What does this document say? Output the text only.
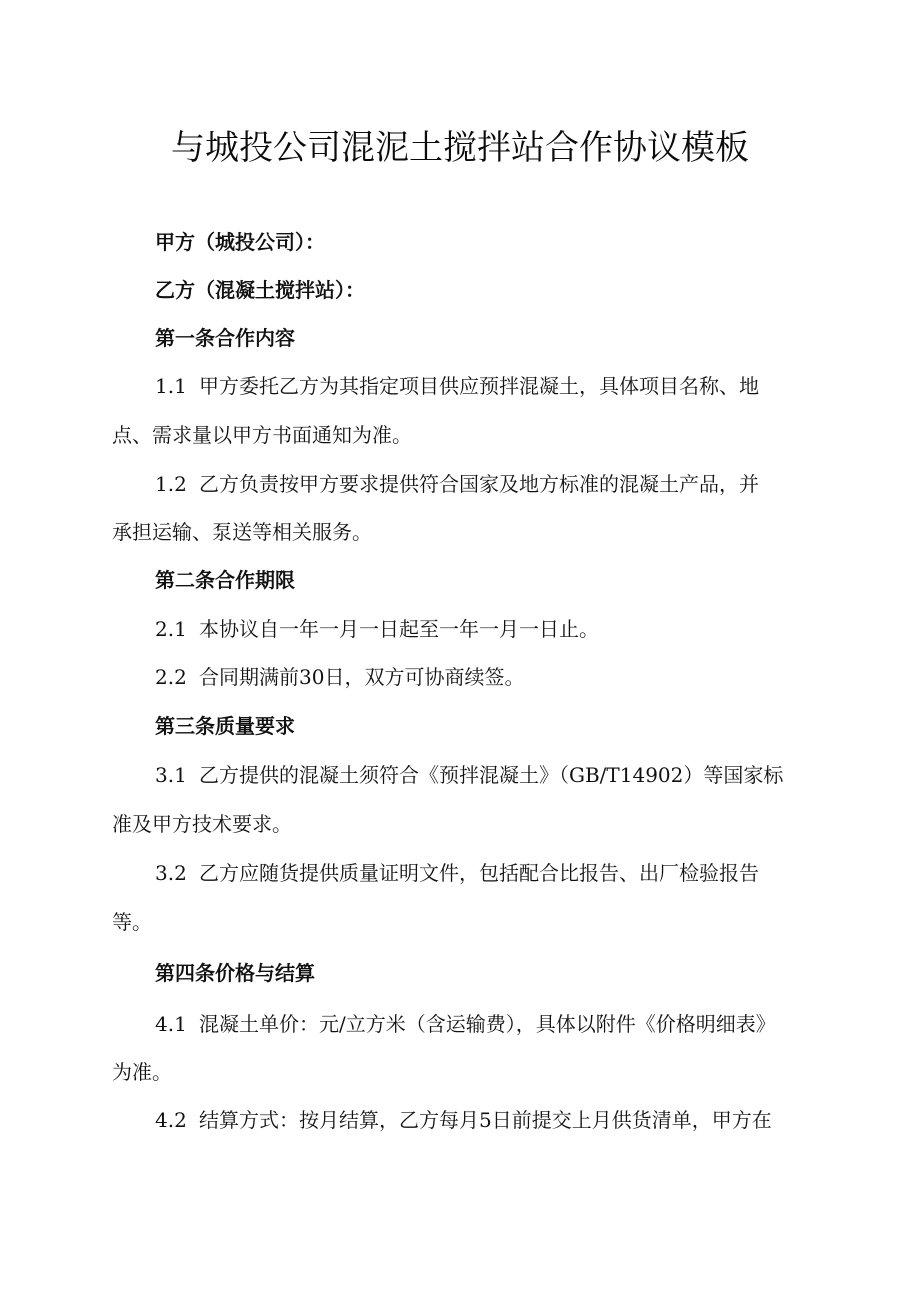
与城投公司混泥土搅拌站合作协议模板

甲方（城投公司）：

乙方（混凝土搅拌站）：

第一条合作内容

1.1 甲方委托乙方为其指定项目供应预拌混凝土，具体项目名称、地

点、需求量以甲方书面通知为准。

1.2 乙方负责按甲方要求提供符合国家及地方标准的混凝土产品，并

承担运输、泵送等相关服务。

第二条合作期限

2.1 本协议自一年一月一日起至一年一月一日止。

2.2 合同期满前30日，双方可协商续签。

第三条质量要求

3.1 乙方提供的混凝土须符合《预拌混凝土》（GB/T14902）等国家标

准及甲方技术要求。

3.2 乙方应随货提供质量证明文件，包括配合比报告、出厂检验报告

等。

第四条价格与结算

4.1 混凝土单价：元/立方米（含运输费），具体以附件《价格明细表》

为准。

4.2 结算方式：按月结算，乙方每月5日前提交上月供货清单，甲方在
